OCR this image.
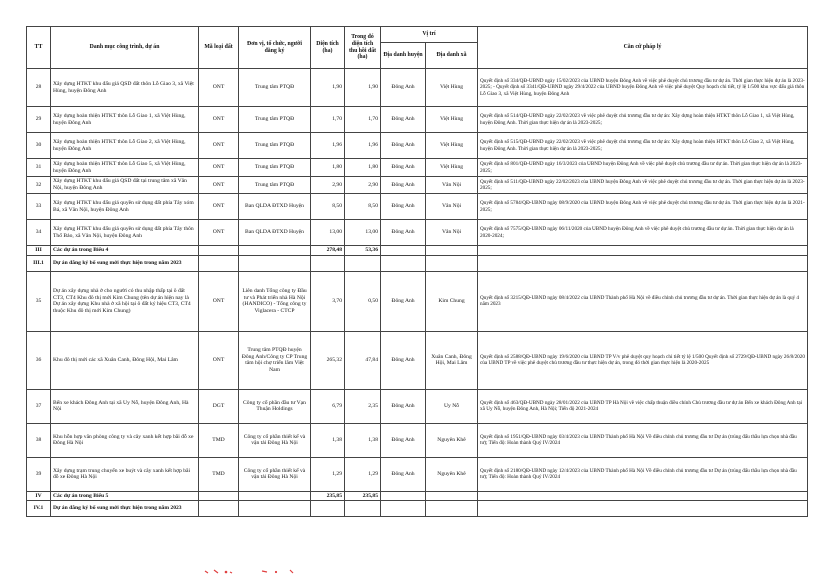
TT	Danh mục công trình, dự án	Mã loại đất	Đơn vị, tổ chức, người đăng ký	Diện tích (ha)	Trong đó diện tích thu hồi đất (ha)	Vị trí		Căn cứ pháp lý
						Địa danh huyện	Địa danh xã	
28	Xây dựng HTKT khu đấu giá QSD đất thôn Lỗ Giao 3, xã Việt Hùng, huyện Đông Anh	ONT	Trung tâm PTQĐ	1,90	1,90	Đông Anh	Việt Hùng	Quyết định số 334/QĐ-UBND ngày 15/02/2023 của UBND huyện Đông Anh về việc phê duyệt chủ trương đầu tư dự án. Thời gian thực hiện dự án là 2023-2025; - Quyết định số 3341/QĐ-UBND ngày 29/4/2022 của UBND huyện Đông Anh về việc phê duyệt Quy hoạch chi tiết, tỷ lệ 1/500 khu vực đấu giá thôn Lỗ Giao 3, xã Việt Hùng, huyện Đông Anh
29	Xây dựng hoàn thiện HTKT thôn Lỗ Giao 1, xã Việt Hùng, huyện Đông Anh	ONT	Trung tâm PTQĐ	1,70	1,70	Đông Anh	Việt Hùng	Quyết định số 514/QĐ-UBND ngày 22/02/2023 về việc phê duyệt chủ trương đầu tư dự án: Xây dựng hoàn thiện HTKT thôn Lỗ Giao 1, xã Việt Hùng, huyện Đông Anh. Thời gian thực hiện dự án là 2023-2025;
30	Xây dựng hoàn thiện HTKT thôn Lỗ Giao 2, xã Việt Hùng, huyện Đông Anh	ONT	Trung tâm PTQĐ	1,96	1,96	Đông Anh	Việt Hùng	Quyết định số 515/QĐ-UBND ngày 22/02/2023 về việc phê duyệt chủ trương đầu tư dự án: Xây dựng hoàn thiện HTKT thôn Lỗ Giao 2, xã Việt Hùng, huyện Đông Anh. Thời gian thực hiện dự án là 2023-2025;
31	Xây dựng hoàn thiện HTKT thôn Lỗ Giao 5, xã Việt Hùng, huyện Đông Anh	ONT	Trung tâm PTQĐ	1,80	1,80	Đông Anh	Việt Hùng	Quyết định số 801/QĐ-UBND ngày 16/3/2023 của UBND huyện Đông Anh về việc phê duyệt chủ trương đầu tư dự án. Thời gian thực hiện dự án là 2023-2025;
32	Xây dựng HTKT khu đấu giá QSD đất tại trung tâm xã Vân Nội, huyện Đông Anh	ONT	Trung tâm PTQĐ	2,90	2,90	Đông Anh	Vân Nội	Quyết định số 511/QĐ-UBND ngày 22/02/2023 của UBND huyện Đông Anh về việc phê duyệt chủ trương đầu tư dự án. Thời gian thực hiện dự án là 2023-2025;
33	Xây dựng HTKT khu đấu giá quyền sử dụng đất phía Tây xóm Bá, xã Vân Nội, huyện Đông Anh	ONT	Ban QLDA ĐTXD Huyện	8,50	8,50	Đông Anh	Vân Nội	Quyết định số 5784/QĐ-UBND ngày 08/9/2020 của UBND huyện Đông Anh về việc phê duyệt chủ trương đầu tư dự án. Thời gian thực hiện dự án là 2021-2025;
34	Xây dựng HTKT khu đấu giá quyền sử dụng đất phía Tây thôn Thố Bảo, xã Vân Nội, huyện Đông Anh	ONT	Ban QLDA ĐTXD Huyện	13,00	13,00	Đông Anh	Vân Nội	Quyết định số 7575/QĐ-UBND ngày 06/11/2020 của UBND huyện Đông Anh về việc phê duyệt chủ trương đầu tư dự án. Thời gian thực hiện dự án là 2020-2024;
III	Các dự án trong Biểu 4			278,48	53,36			
III.1	Dự án đăng ký bổ sung mới thực hiện trong năm 2023							
35	Dự án xây dựng nhà ở cho người có thu nhập thấp tại ô đất CT3, CT4 Khu đô thị mới Kim Chung (tên dự án hiện nay là Dự án xây dựng Khu nhà ở xã hội tại ô đất ký hiệu CT3, CT4 thuộc Khu đô thị mới Kim Chung)	ONT	Liên danh Tổng công ty Đầu tư và Phát triển nhà Hà Nội (HANDICO) - Tổng công ty Viglacera - CTCP	3,70	0,50	Đông Anh	Kim Chung	Quyết định số 3215/QĐ-UBND ngày 08/4/2022 của UBND Thành phố Hà Nội về điều chỉnh chủ trương đầu tư dự án. Thời gian thực hiện dự án là quý 4 năm 2023
36	Khu đô thị mới các xã Xuân Canh, Đông Hội, Mai Lâm	ONT	Trung tâm PTQĐ huyện Đông Anh/Công ty CP Trung tâm hội chợ triển lãm Việt Nam	265,32	47,84	Đông Anh	Xuân Canh, Đông Hội, Mai Lâm	Quyết định số 2588/QĐ-UBND ngày 19/6/2020 của UBND TP V/v phê duyệt quy hoạch chi tiết tỷ lệ 1/500 Quyết định số 2729/QĐ-UBND ngày 26/8/2020 của UBND TP về việc phê duyệt chủ trương đầu tư thực hiện dự án, trong đó thời gian thực hiện là 2020-2025
37	Bến xe khách Đông Anh tại xã Uy Nỗ, huyện Đông Anh, Hà Nội	DGT	Công ty cổ phần đầu tư Vạn Thuận Holdings	6,79	2,35	Đông Anh	Uy Nỗ	Quyết định số 463/QĐ-UBND ngày 28/01/2022 của UBND TP Hà Nội về việc chấp thuận điều chỉnh Chủ trương đầu tư dự án Bến xe khách Đông Anh tại xã Uy Nỗ, huyện Đông Anh, Hà Nội; Tiến độ 2021-2024
38	Khu hỗn hợp văn phòng công ty và cây xanh kết hợp bãi đỗ xe Đông Hà Nội	TMD	Công ty cổ phần thiết kế và vận tải Đông Hà Nội	1,38	1,38	Đông Anh	Nguyên Khê	Quyết định số 1951/QĐ-UBND ngày 03/4/2023 của UBND Thành phố Hà Nội Về điều chỉnh chủ trương đầu tư Dự án (trúng đấu thầu lựa chọn nhà đầu tư); Tiến độ: Hoàn thành Quý IV/2024
39	Xây dựng trạm trung chuyển xe buýt và cây xanh kết hợp bãi đỗ xe Đông Hà Nội	TMD	Công ty cổ phần thiết kế và vận tải Đông Hà Nội	1,29	1,29	Đông Anh	Nguyên Khê	Quyết định số 2180/QĐ-UBND ngày 12/4/2023 của UBND Thành phố Hà Nội Về điều chỉnh chủ trương đầu tư Dự án (trúng đấu thầu lựa chọn nhà đầu tư); Tiến độ: Hoàn thành Quý IV/2024
IV	Các dự án trong Biểu 5			235,85	235,85			
IV.1	Dự án đăng ký bổ sung mới thực hiện trong năm 2023							
